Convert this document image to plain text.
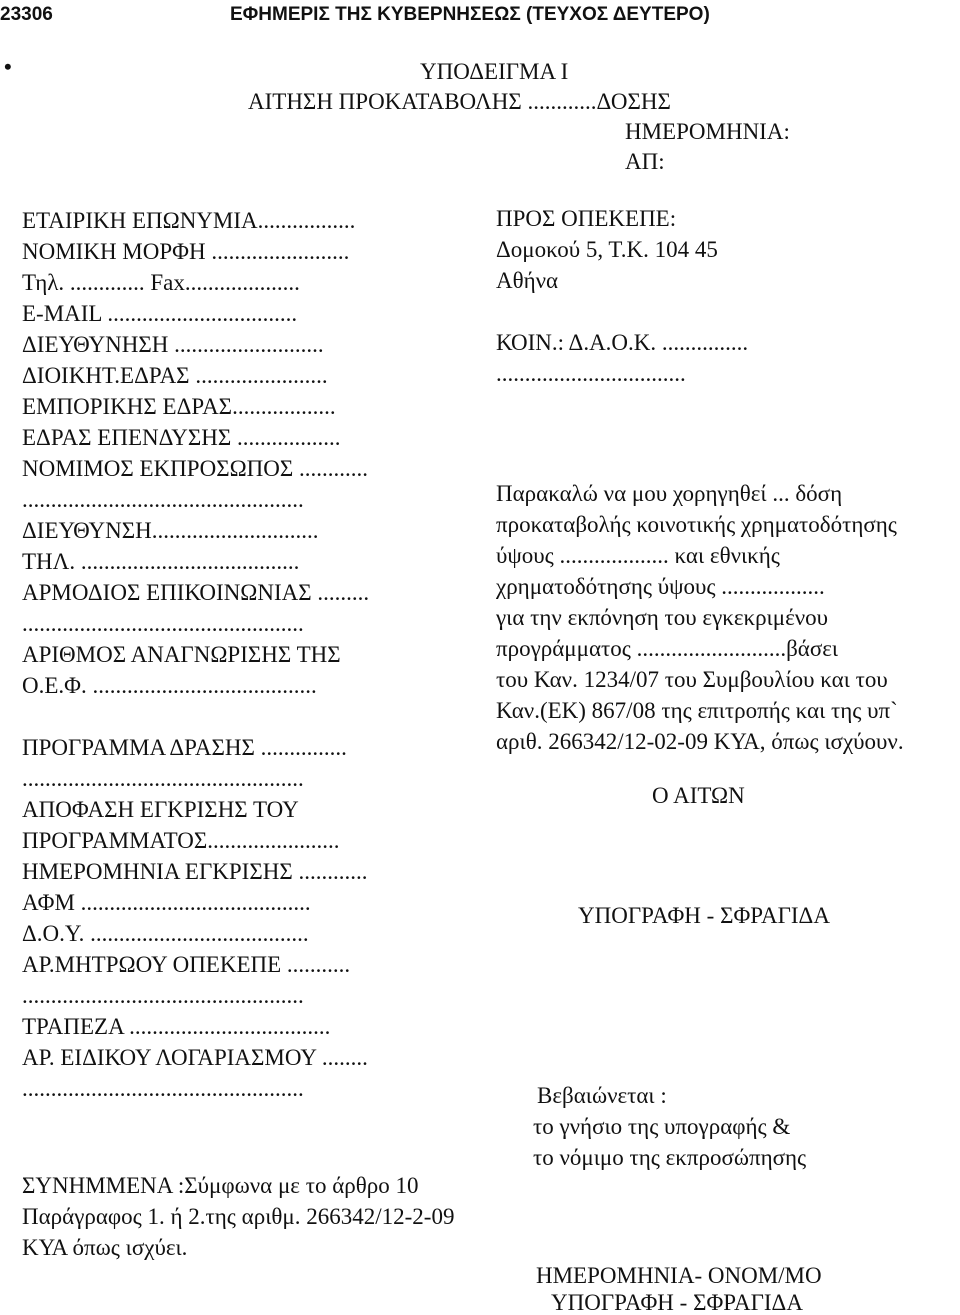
23306	ΕΦΗΜΕΡΙΣ ΤΗΣ ΚΥΒΕΡΝΗΣΕΩΣ (ΤΕΥΧΟΣ ΔΕΥΤΕΡΟ)
•	ΥΠΟΔΕΙΓΜΑ Ι
ΑΙΤΗΣΗ ΠΡΟΚΑΤΑΒΟΛΗΣ ............ΔΟΣΗΣ
ΗΜΕΡΟΜΗΝΙΑ:
ΑΠ:
ΕΤΑΙΡΙΚΗ ΕΠΩΝΥΜΙΑ.................
ΝΟΜΙΚΗ ΜΟΡΦΗ ........................
Τηλ. ............. Fax....................
E-MAIL .................................
ΔΙΕΥΘΥΝΗΣΗ ..........................
ΔΙΟΙΚΗΤ.ΕΔΡΑΣ .......................
ΕΜΠΟΡΙΚΗΣ ΕΔΡΑΣ..................
ΕΔΡΑΣ ΕΠΕΝΔΥΣΗΣ ..................
ΝΟΜΙΜΟΣ ΕΚΠΡΟΣΩΠΟΣ ............
.................................................
ΔΙΕΥΘΥΝΣΗ.............................
ΤΗΛ. ......................................
ΑΡΜΟΔΙΟΣ ΕΠΙΚΟΙΝΩΝΙΑΣ .........
.................................................
ΑΡΙΘΜΟΣ ΑΝΑΓΝΩΡΙΣΗΣ ΤΗΣ
Ο.Ε.Φ. .......................................
ΠΡΟΓΡΑΜΜΑ ΔΡΑΣΗΣ ...............
.................................................
ΑΠΟΦΑΣΗ ΕΓΚΡΙΣΗΣ ΤΟΥ
ΠΡΟΓΡΑΜΜΑΤΟΣ.......................
ΗΜΕΡΟΜΗΝΙΑ ΕΓΚΡΙΣΗΣ ............
ΑΦΜ ........................................
Δ.Ο.Υ. ......................................
ΑΡ.ΜΗΤΡΩΟΥ ΟΠΕΚΕΠΕ ...........
.................................................
ΤΡΑΠΕΖΑ ...................................
ΑΡ. ΕΙΔΙΚΟΥ ΛΟΓΑΡΙΑΣΜΟΥ ........
.................................................
ΠΡΟΣ ΟΠΕΚΕΠΕ:
Δομοκού 5, Τ.Κ. 104 45
Αθήνα
ΚΟΙΝ.: Δ.Α.Ο.Κ. ...............
.................................
Παρακαλώ να μου χορηγηθεί ... δόση
προκαταβολής κοινοτικής χρηματοδότησης
ύψους ................... και εθνικής
χρηματοδότησης ύψους ..................
για την εκπόνηση του εγκεκριμένου
προγράμματος ..........................βάσει
του Καν. 1234/07 του Συμβουλίου και του
Καν.(ΕΚ) 867/08 της επιτροπής και της υπ`
αριθ. 266342/12-02-09 ΚΥΑ, όπως ισχύουν.
Ο ΑΙΤΩΝ
ΥΠΟΓΡΑΦΗ - ΣΦΡΑΓΙΔΑ
Βεβαιώνεται :
το γνήσιο της υπογραφής &
το νόμιμο της εκπροσώπησης
ΣΥΝΗΜΜΕΝΑ :Σύμφωνα με το άρθρο 10
Παράγραφος 1. ή 2.της αριθμ. 266342/12-2-09
ΚΥΑ όπως ισχύει.
ΗΜΕΡΟΜΗΝΙΑ- ΟΝΟΜ/ΜΟ
ΥΠΟΓΡΑΦΗ - ΣΦΡΑΓΙΔΑ
